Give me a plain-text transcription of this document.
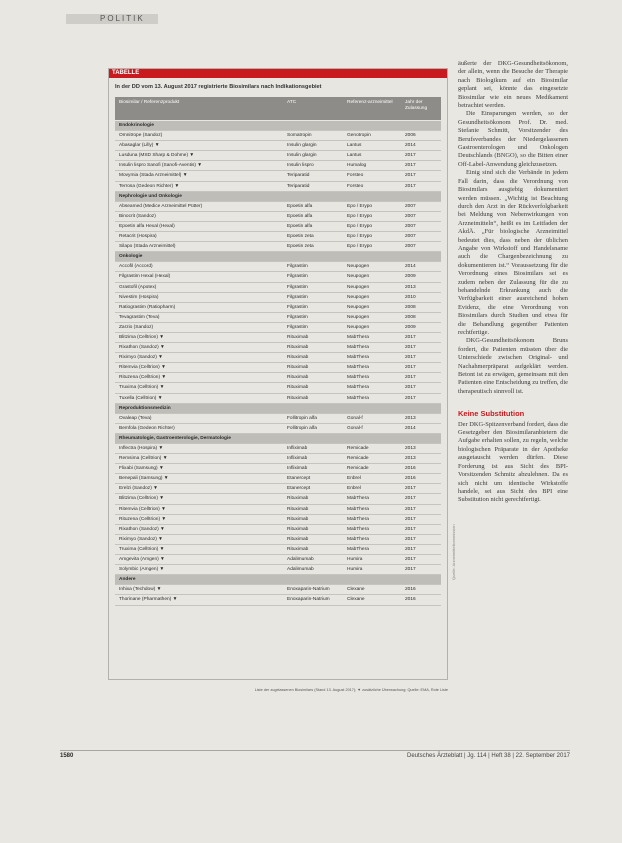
POLITIK
TABELLE
In der DD vom 13. August 2017 registrierte Biosimilars nach Indikationsgebiet
Biosimilar / Referenzprodukt	ATC	Referenz-arzneimittel	Jahr der Zulassung
Endokrinologie
Omnitrope (Sandoz)	Somatropin	Genotropin	2006
Abasaglar (Lilly) ▼	Insulin glargin	Lantus	2014
Lusduna (MSD Sharp & Dohme) ▼	Insulin glargin	Lantus	2017
Insulin lispro Sanofi (Sanofi-Aventis) ▼	Insulin lispro	Humalog	2017
Movymia (Stada Arzneimittel) ▼	Teriparatid	Forsteo	2017
Terrosa (Gedeon Richter) ▼	Teriparatid	Forsteo	2017
Nephrologie und Onkologie
Abseamed (Medice Arzneimittel Pütter)	Epoetin alfa	Epo / Erypo	2007
Binocrit (Sandoz)	Epoetin alfa	Epo / Erypo	2007
Epoetin alfa Hexal (Hexal)	Epoetin alfa	Epo / Erypo	2007
Retacrit (Hospira)	Epoetin zeta	Epo / Erypo	2007
Silapo (Stada Arzneimittel)	Epoetin zeta	Epo / Erypo	2007
Onkologie
Accofil (Accord)	Filgrastim	Neupogen	2014
Filgrastim Hexal (Hexal)	Filgrastim	Neupogen	2009
Grastofil (Apotex)	Filgrastim	Neupogen	2013
Nivestim (Hospira)	Filgrastim	Neupogen	2010
Ratiograstim (Ratiopharm)	Filgrastim	Neupogen	2008
Tevagrastim (Teva)	Filgrastim	Neupogen	2008
Zarzio (Sandoz)	Filgrastim	Neupogen	2009
Blitzima (Celltrion) ▼	Rituximab	MabThera	2017
Rixathon (Sandoz) ▼	Rituximab	MabThera	2017
Riximyo (Sandoz) ▼	Rituximab	MabThera	2017
Ritemvia (Celltrion) ▼	Rituximab	MabThera	2017
Rituzena (Celltrion) ▼	Rituximab	MabThera	2017
Truxima (Celltrion) ▼	Rituximab	MabThera	2017
Tuxella (Celltrion) ▼	Rituximab	MabThera	2017
Reproduktionsmedizin
Ovaleap (Teva)	Follitropin alfa	Gonal-f	2013
Bemfola (Gedeon Richter)	Follitropin alfa	Gonal-f	2014
Rheumatologie, Gastroenterologie, Dermatologie
Inflectra (Hospira) ▼	Infliximab	Remicade	2013
Remsima (Celltrion) ▼	Infliximab	Remicade	2013
Flixabi (Samsung) ▼	Infliximab	Remicade	2016
Benepali (Samsung) ▼	Etanercept	Enbrel	2016
Erelzi (Sandoz) ▼	Etanercept	Enbrel	2017
Blitzima (Celltrion) ▼	Rituximab	MabThera	2017
Ritemvia (Celltrion) ▼	Rituximab	MabThera	2017
Rituzena (Celltrion) ▼	Rituximab	MabThera	2017
Rixathon (Sandoz) ▼	Rituximab	MabThera	2017
Riximyo (Sandoz) ▼	Rituximab	MabThera	2017
Truxima (Celltrion) ▼	Rituximab	MabThera	2017
Amgevita (Amgen) ▼	Adalimumab	Humira	2017
Solymbic (Amgen) ▼	Adalimumab	Humira	2017
Andere
Inhixa (Techdow) ▼	Enoxaparin-Natrium	Clexane	2016
Thorinane (Pharmathen) ▼	Enoxaparin-Natrium	Clexane	2016
Liste der zugelassenen Biosimilars (Stand 13. August 2017); ▼ zusätzliche Überwachung; Quelle: EMA, Rote Liste
Quelle: Arzneimittelkommission

äußerte der DKG-Gesundheitsökonom, der allein, wenn die Besuche der Therapie nach Biologikum auf ein Biosimilar geplant sei, könnte das eingesetzte Biosimilar wie ein neues Medikament betrachtet werden.

Die Einsparungen werden, so der Gesundheitsökonom Prof. Dr. med. Stefanie Schmitt, Vorsitzender des Berufsverbandes der Niedergelassenen Gastroenterologen und Onkologen Deutschlands (BNGO), so die Bitten einer Off-Label-Anwendung gleichzusetzen.

Einig sind sich die Verbände in jedem Fall darin, dass die Verordnung von Biosimilars ausgiebig dokumentiert werden müssen. „Wichtig ist Beachtung durch den Arzt in der Rückverfolgbarkeit bei Meldung von Nebenwirkungen von Arzneimitteln“, heißt es im Leitfaden der AkdÄ. „Für biologische Arzneimittel bedeutet dies, dass neben der üblichen Angabe von Wirkstoff und Handelsname auch die Chargenbezeichnung zu dokumentieren ist.“ Voraussetzung für die Verordnung eines Biosimilars sei es zudem neben der Zulassung für die zu behandelnde Erkrankung auch die Verfügbarkeit einer ausreichend hohen Evidenz, die eine Verordnung von Biosimilars durch Studien und etwa für die Behandlung gegenüber Patienten rechtfertige.

DKG-Gesundheitsökonom Bruns fordert, die Patienten müssten über die Unterschiede zwischen Original- und Nachahmerpräparat aufgeklärt werden. Betont ist zu erwägen, gemeinsam mit den Patienten eine Entscheidung zu treffen, die therapeutisch sinnvoll ist.

Keine Substitution

Der DKG-Spitzenverband fordert, dass die Gesetzgeber den Biosimilaranbietern die Aufgabe erhalten sollen, zu regeln, welche biologischen Präparate in der Apotheke ausgetauscht werden dürfen. Diese Forderung ist aus Sicht des BPI-Vorsitzenden Schmitz abzulehnen. Da es sich nicht um identische Wirkstoffe handele, sei aus Sicht des BPI eine Substitution nicht gerechtfertigt.

1580	Deutsches Ärzteblatt | Jg. 114 | Heft 38 | 22. September 2017
